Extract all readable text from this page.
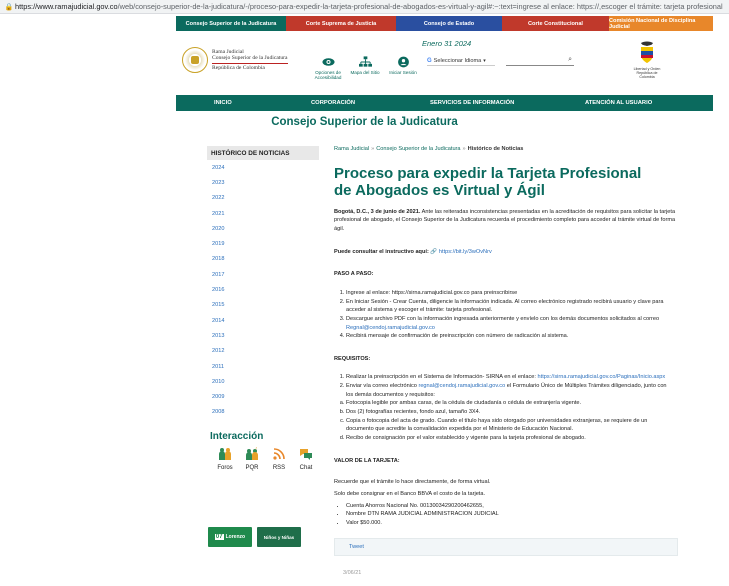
🔒 https://www.ramajudicial.gov.co /web/consejo-superior-de-la-judicatura/-/proceso-para-expedir-la-tarjeta-profesional-de-abogados-es-virtual-y-agil#:~:text=ingrese al enlace: https://,escoger el trámite: tarjeta profesional
Consejo Superior de la Judicatura	Corte Suprema de Justicia	Consejo de Estado	Corte Constitucional	Comisión Nacional de Disciplina Judicial
Rama Judicial
Consejo Superior de la Judicatura
República de Colombia
Enero 31 2024
Opciones de Accesibilidad
Mapa del Sitio Iniciar Sesión
G Seleccionar Idioma ▾	⌕
Libertad y Orden
República de Colombia
INICIO	CORPORACIÓN	SERVICIOS DE INFORMACIÓN	ATENCIÓN AL USUARIO
Consejo Superior de la Judicatura
HISTÓRICO DE NOTICIAS
2024
2023
2022
2021
2020
2019
2018
2017
2016
2015
2014
2013
2012
2011
2010
2009
2008
Interacción
Foros
?
PQR RSS Chat
07 Lorenzo	Niños y Niñas
Rama Judicial » Consejo Superior de la Judicatura » Histórico de Noticias
Proceso para expedir la Tarjeta Profesional de Abogados es Virtual y Ágil

Bogotá, D.C., 3 de junio de 2021. Ante las reiteradas inconsistencias presentadas en la acreditación de requisitos para solicitar la tarjeta profesional de abogado, el Consejo Superior de la Judicatura recuerda el procedimiento completo para acceder al trámite virtual de forma ágil.

Puede consultar el instructivo aquí: 🔗 https://bit.ly/3wOvNrv

PASO A PASO:

1. Ingrese al enlace: https://sirna.ramajudicial.gov.co para preinscribirse
2. En Iniciar Sesión - Crear Cuenta, diligencie la información indicada. Al correo electrónico registrado recibirá usuario y clave para acceder al sistema y escoger el trámite: tarjeta profesional.
3. Descargue archivo PDF con la información ingresada anteriormente y envíelo con los demás documentos solicitados al correo Regnal@cendoj.ramajudicial.gov.co
4. Recibirá mensaje de confirmación de preinscripción con número de radicación al sistema.

REQUISITOS:

1. Realizar la preinscripción en el Sistema de Información- SIRNA en el enlace: https://sirna.ramajudicial.gov.co/Paginas/Inicio.aspx
2. Enviar vía correo electrónico regnal@cendoj.ramajudicial.gov.co el Formulario Único de Múltiples Trámites diligenciado, junto con los demás documentos y requisitos:
a. Fotocopia legible por ambas caras, de la cédula de ciudadanía o cédula de extranjería vigente.
b. Dos (2) fotografías recientes, fondo azul, tamaño 3X4.
c. Copia o fotocopia del acta de grado. Cuando el título haya sido otorgado por universidades extranjeras, se requiere de un documento que acredite la convalidación expedida por el Ministerio de Educación Nacional.
d. Recibo de consignación por el valor establecido y vigente para la tarjeta profesional de abogado.

VALOR DE LA TARJETA:

Recuerde que el trámite lo hace directamente, de forma virtual.

Solo debe consignar en el Banco BBVA el costo de la tarjeta.

• Cuenta Ahorros Nacional No. 00130034290200462655,
• Nombre DTN RAMA JUDICIAL ADMINISTRACION JUDICIAL
• Valor $50.000.
Tweet
3/06/21
